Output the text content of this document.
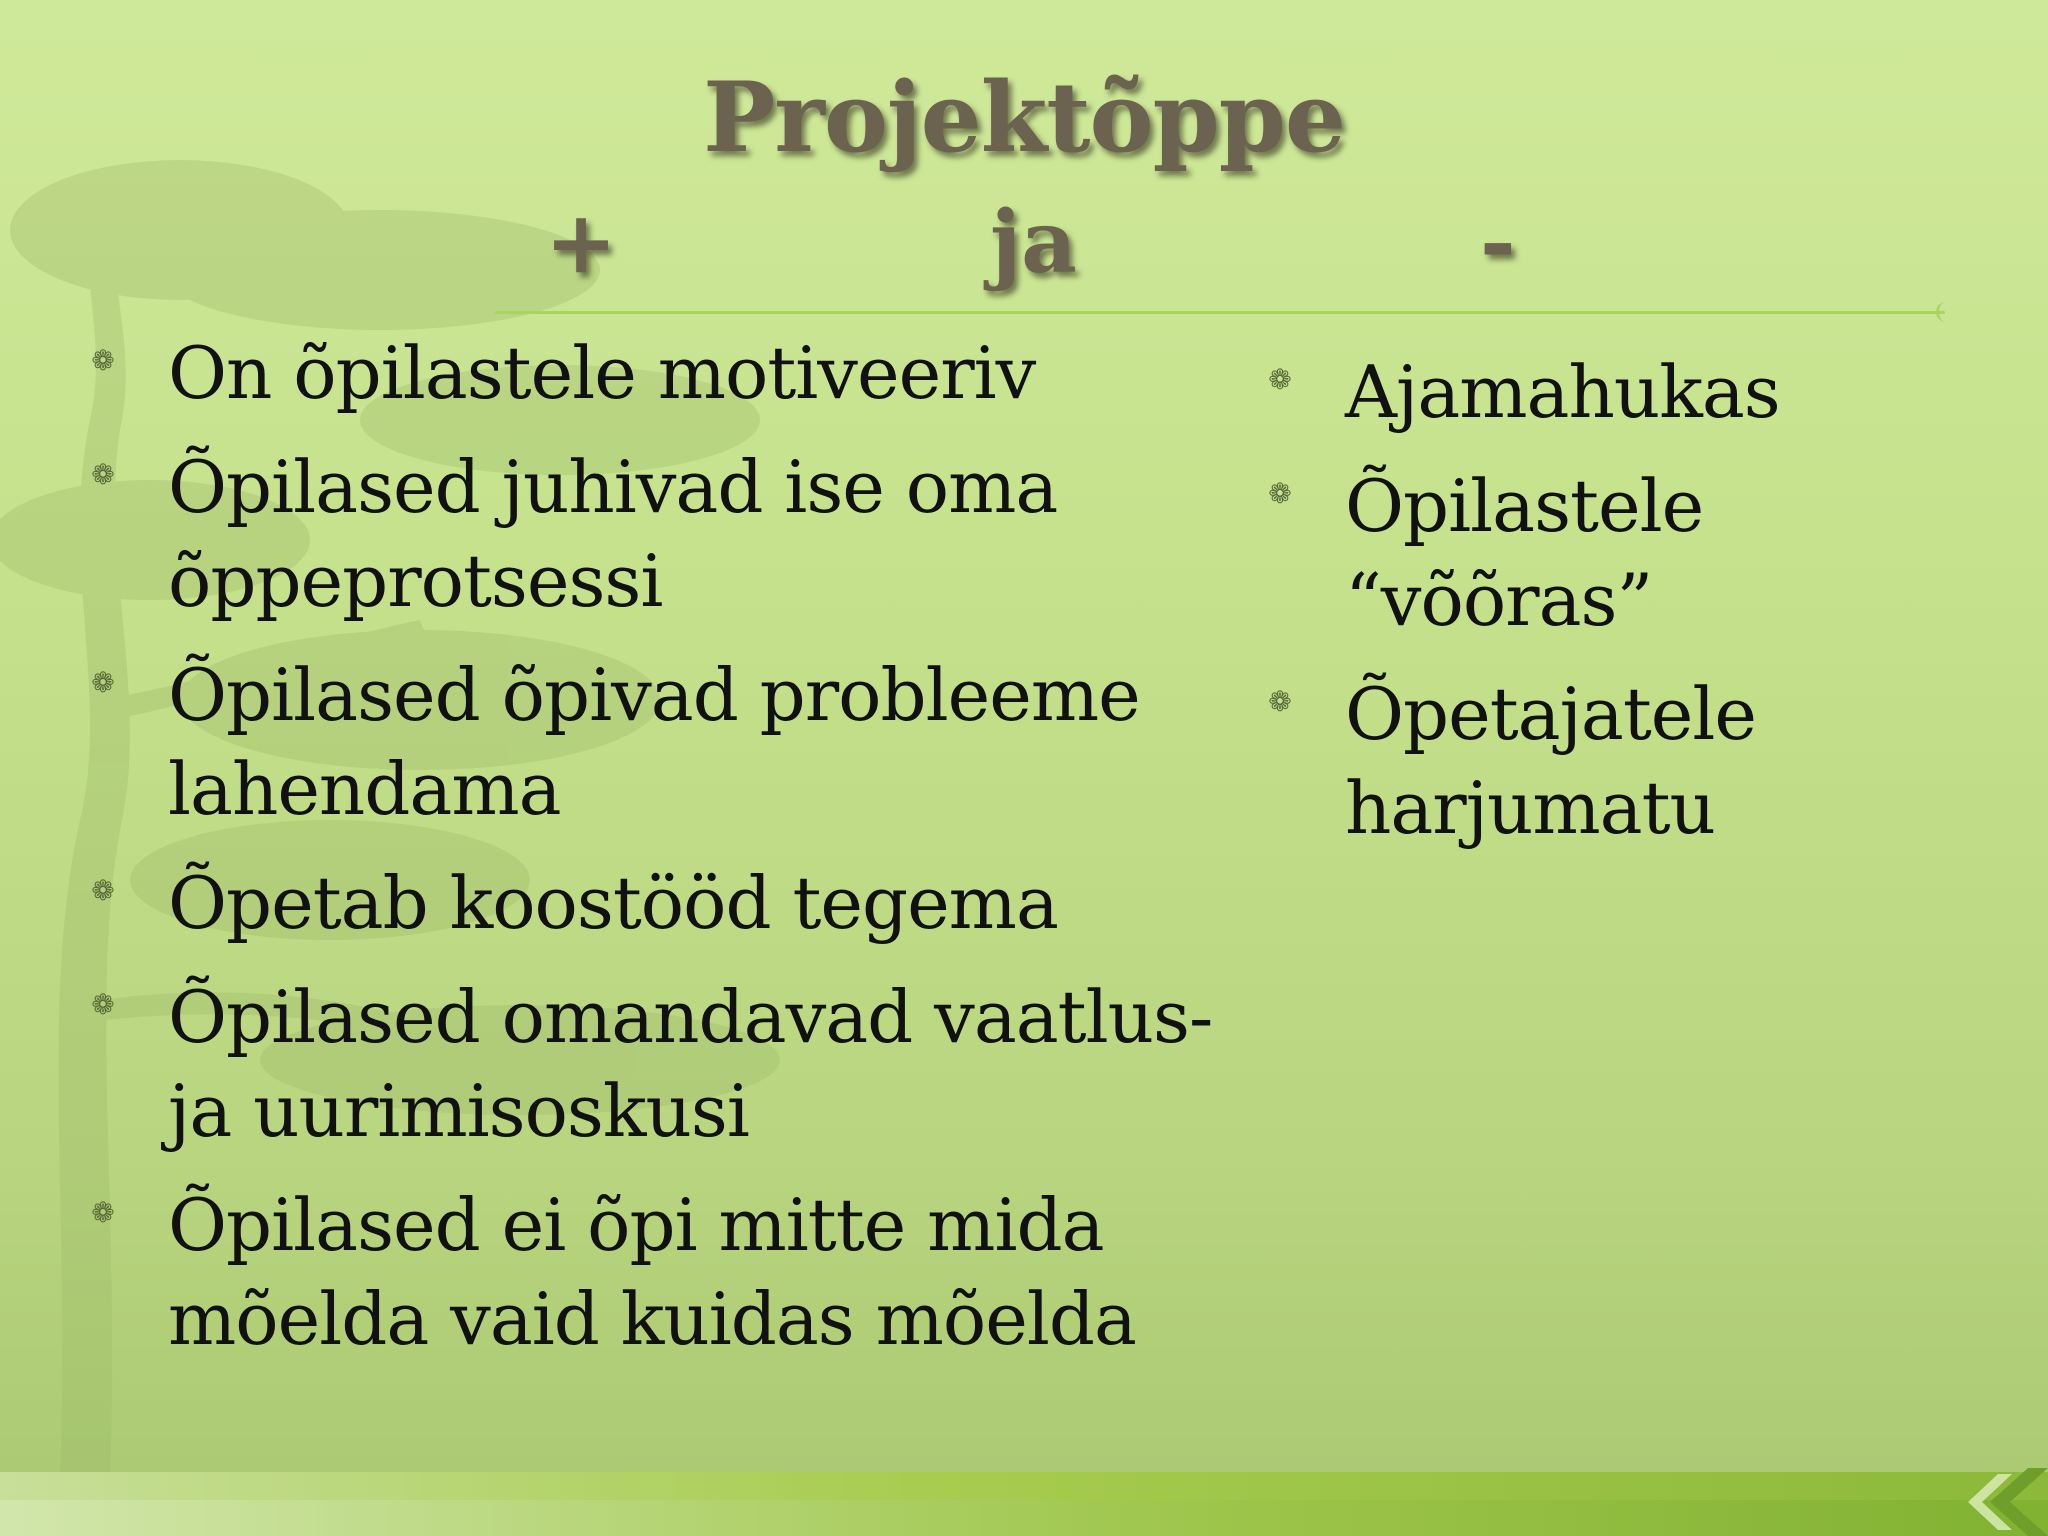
Projektõppe
+	ja	-
❁ On õpilastele motiveeriv
❁ Õpilased juhivad ise oma õppeprotsessi
❁ Õpilased õpivad probleeme lahendama
❁ Õpetab koostööd tegema
❁ Õpilased omandavad vaatlus- ja uurimisoskusi
❁ Õpilased ei õpi mitte mida mõelda vaid kuidas mõelda
❁ Ajamahukas
❁ Õpilastele “võõras”
❁ Õpetajatele harjumatu
